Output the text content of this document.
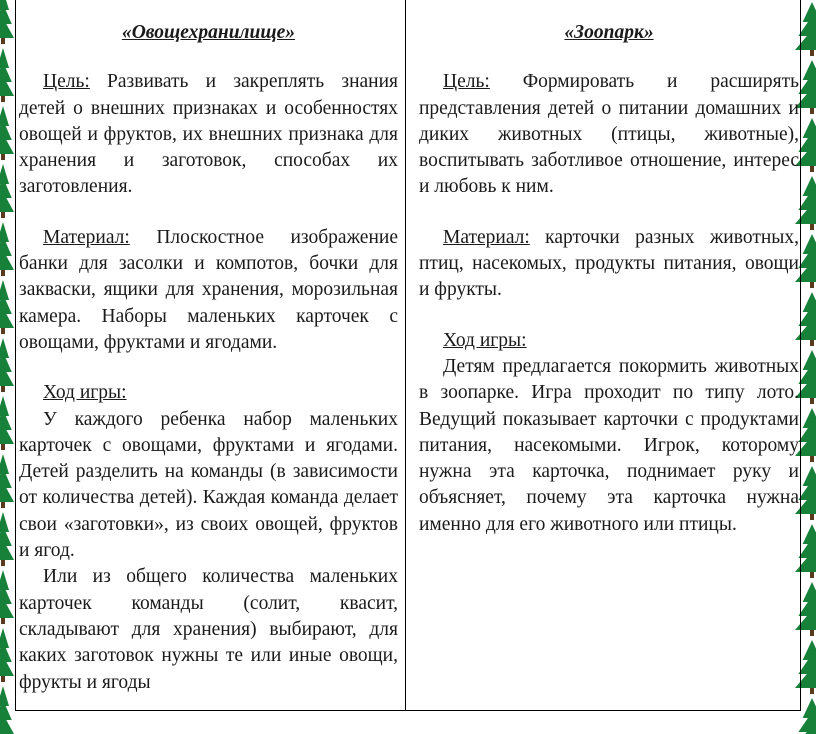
«Овощехранилище»

Цель: Развивать и закреплять знания детей о внешних признаках и особенностях овощей и фруктов, их внешних признака для хранения и заготовок, способах их заготовления.

Материал: Плоскостное изображение банки для засолки и компотов, бочки для закваски, ящики для хранения, морозильная камера. Наборы маленьких карточек с овощами, фруктами и ягодами.

Ход игры:

У каждого ребенка набор маленьких карточек с овощами, фруктами и ягодами. Детей разделить на команды (в зависимости от количества детей). Каждая команда делает свои «заготовки», из своих овощей, фруктов и ягод.

Или из общего количества маленьких карточек команды (солит, квасит, складывают для хранения) выбирают, для каких заготовок нужны те или иные овощи, фрукты и ягоды

«Зоопарк»

Цель: Формировать и расширять представления детей о питании домашних и диких животных (птицы, животные), воспитывать заботливое отношение, интерес и любовь к ним.

Материал: карточки разных животных, птиц, насекомых, продукты питания, овощи и фрукты.

Ход игры:

Детям предлагается покормить животных в зоопарке. Игра проходит по типу лото. Ведущий показывает карточки с продуктами питания, насекомыми. Игрок, которому нужна эта карточка, поднимает руку и объясняет, почему эта карточка нужна именно для его животного или птицы.
